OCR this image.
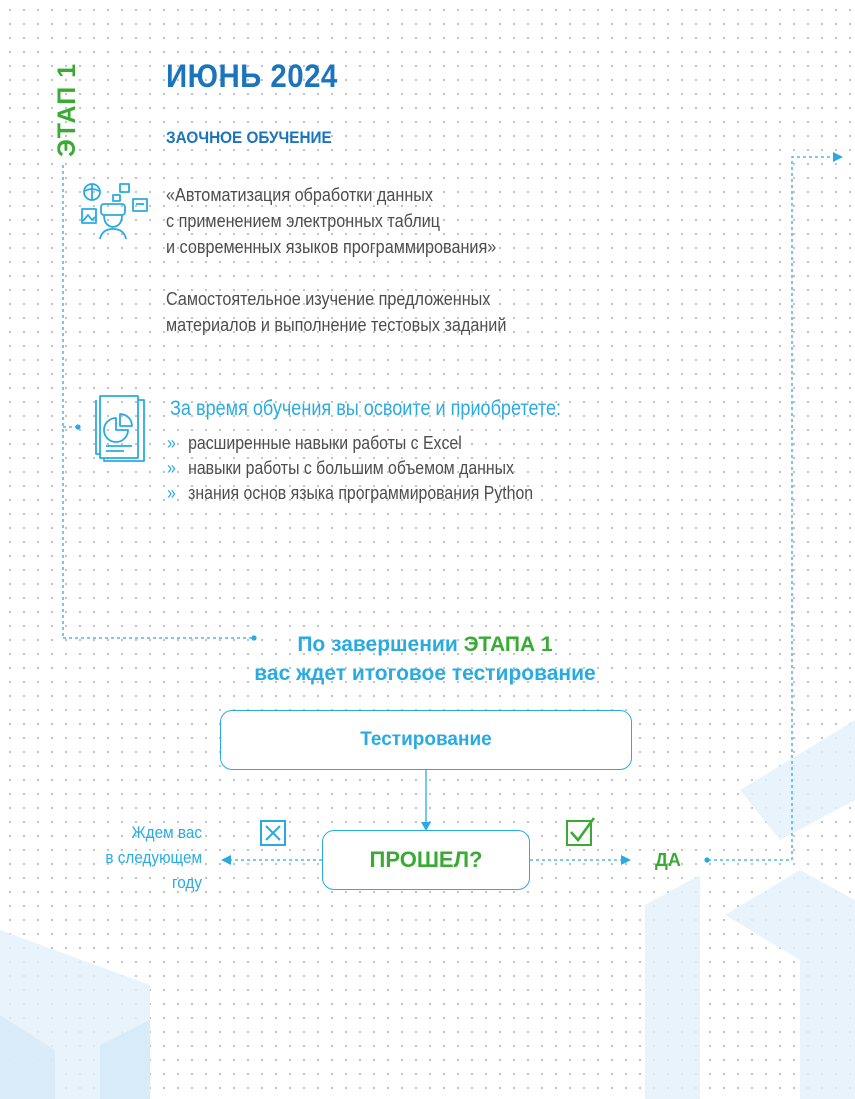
ЭТАП 1	ИЮНЬ 2024
ЗАОЧНОЕ ОБУЧЕНИЕ

«Автоматизация обработки данных
с применением электронных таблиц
и современных языков программирования»

Самостоятельное изучение предложенных
материалов и выполнение тестовых заданий

За время обучения вы освоите и приобретете:

» расширенные навыки работы с Excel
» навыки работы с большим объемом данных
» знания основ языка программирования Python
По завершении ЭТАПА 1
вас ждет итоговое тестирование
Тестирование
ПРОШЕЛ?
Ждем вас
в следующем
году
ДА
